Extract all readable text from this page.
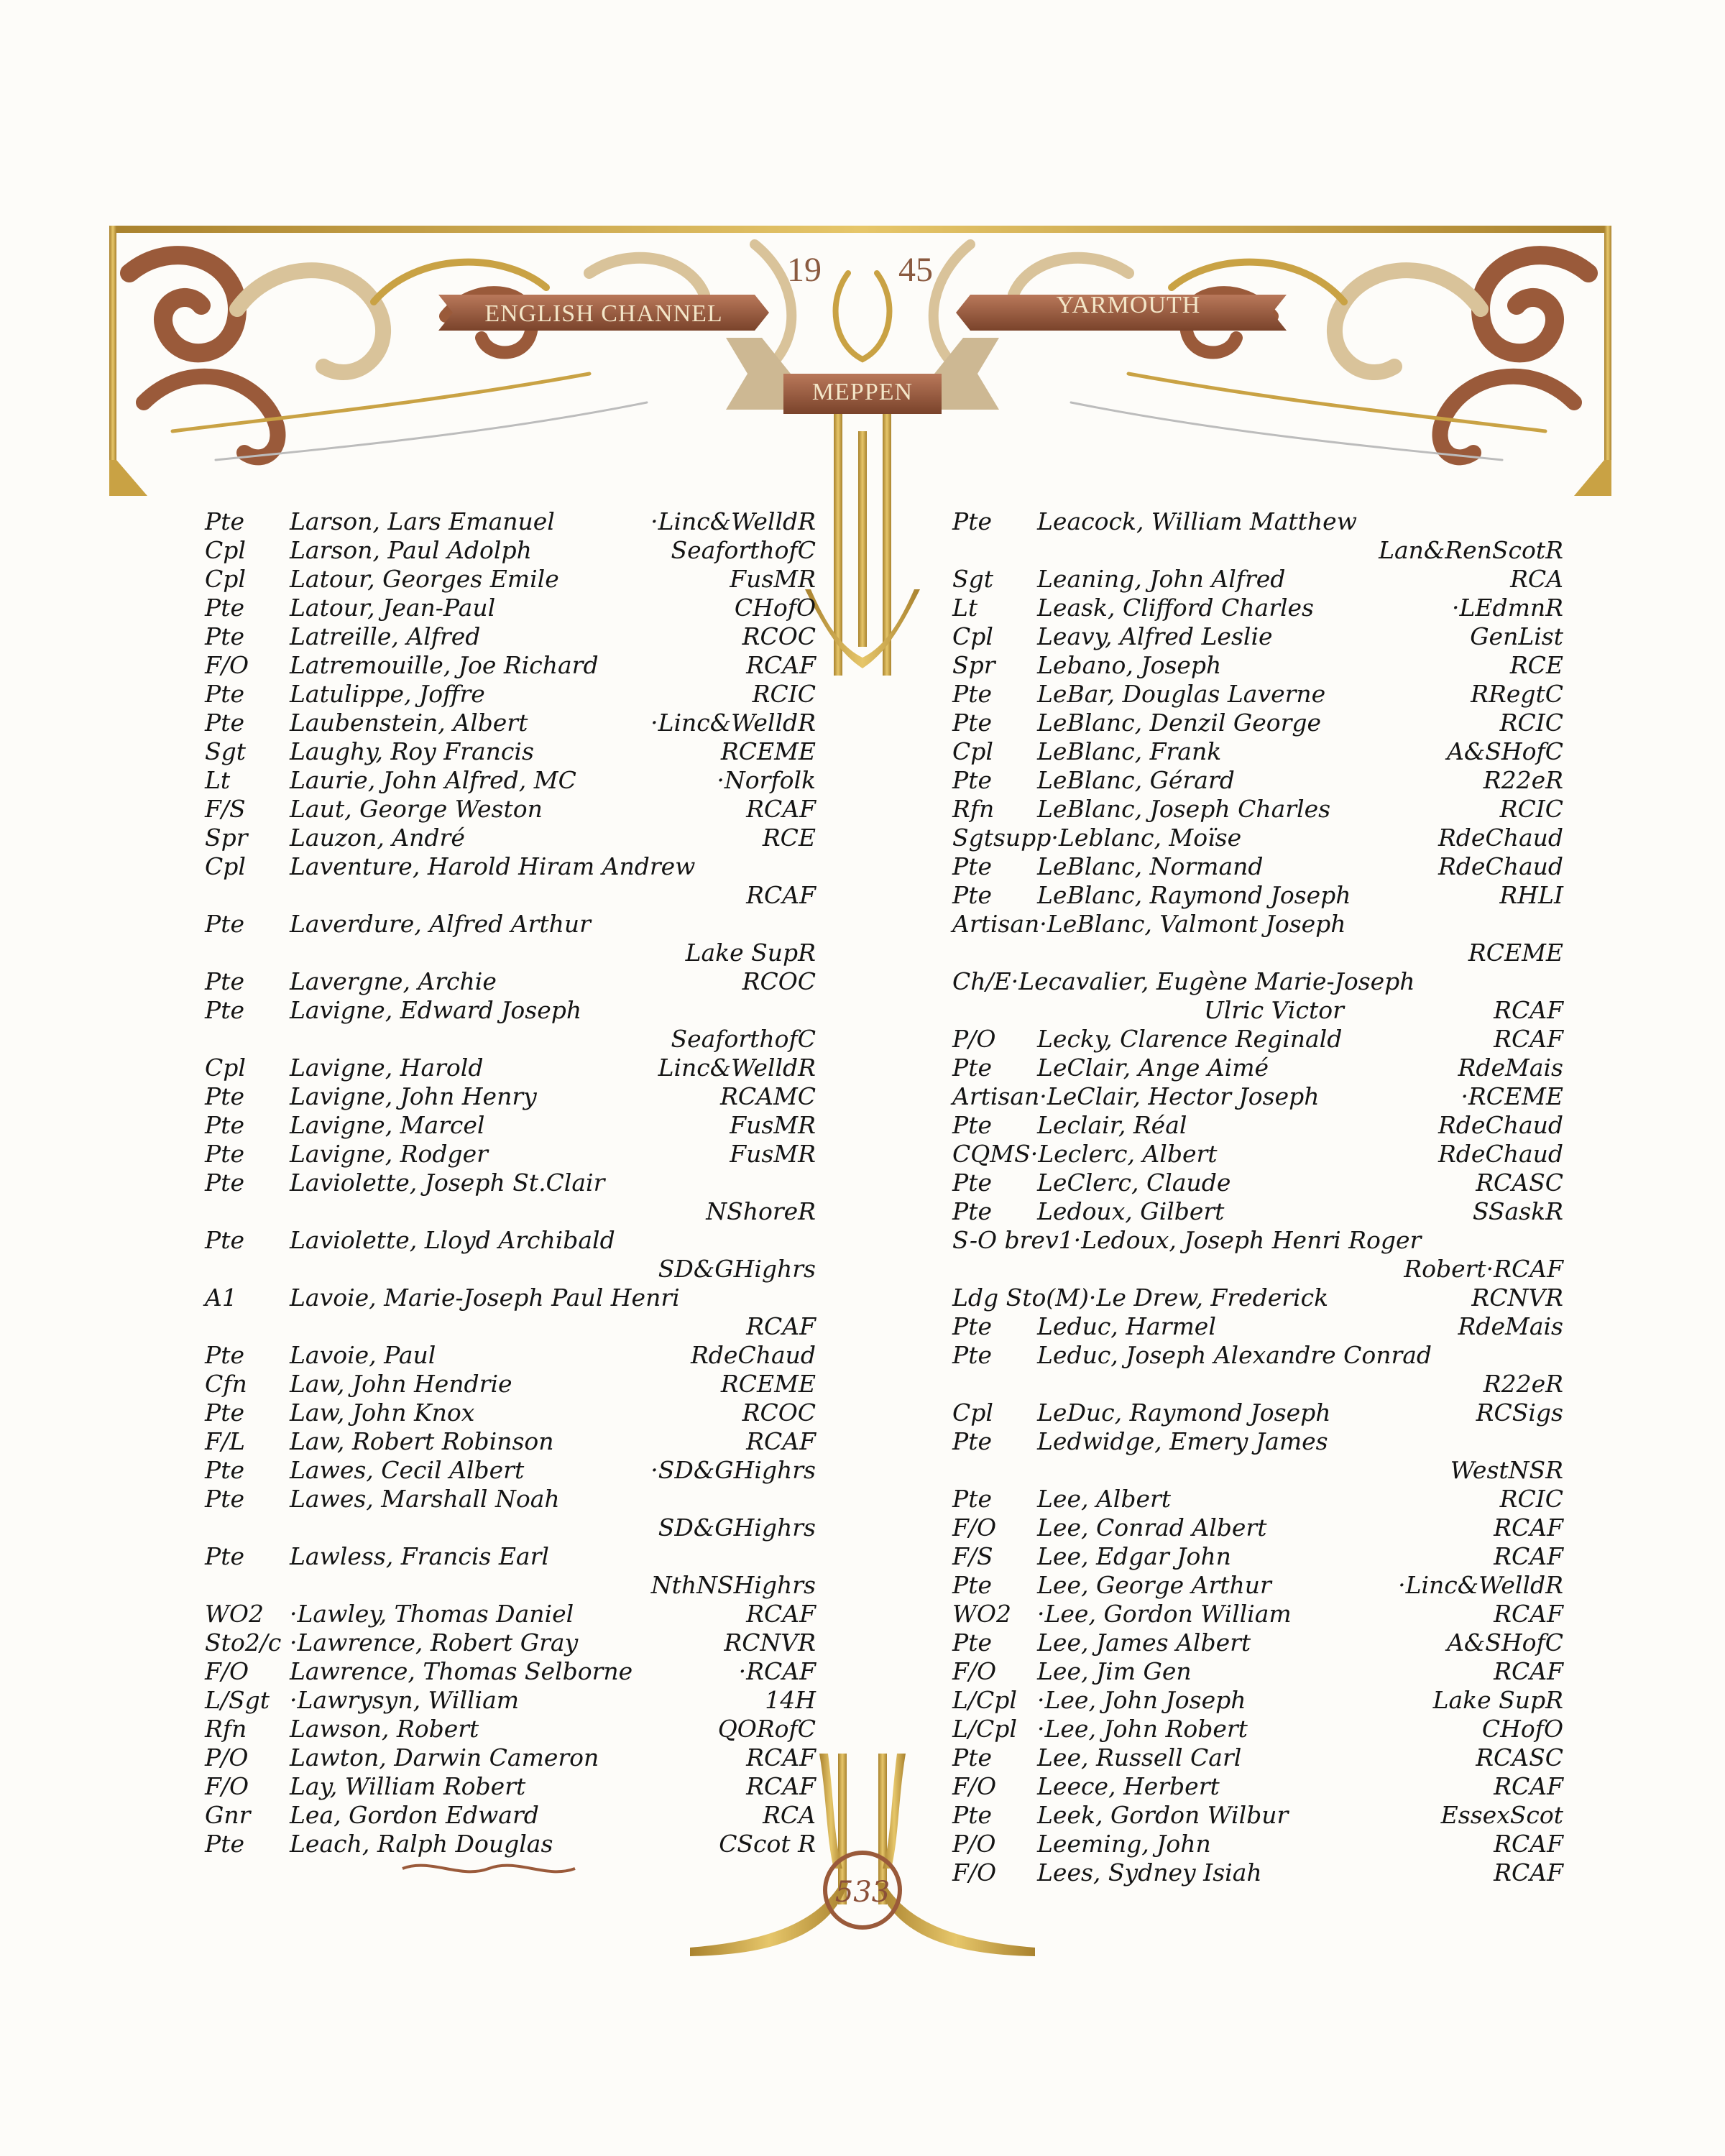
19 45
ENGLISH CHANNEL	YARMOUTH
MEPPEN
Pte Larson, Lars Emanuel	·Linc&WelldR
Cpl Larson, Paul Adolph	SeaforthofC
Cpl Latour, Georges Emile	FusMR
Pte Latour, Jean-Paul	CHofO
Pte Latreille, Alfred	RCOC
F/O Latremouille, Joe Richard	RCAF
Pte Latulippe, Joffre	RCIC
Pte Laubenstein, Albert	·Linc&WelldR
Sgt Laughy, Roy Francis	RCEME
Lt	Laurie, John Alfred, MC	·Norfolk
F/S Laut, George Weston	RCAF
Spr Lauzon, André	RCE
Cpl Laventure, Harold Hiram Andrew
RCAF
Pte Laverdure, Alfred Arthur
Lake SupR
Pte Lavergne, Archie	RCOC
Pte Lavigne, Edward Joseph
SeaforthofC
Cpl Lavigne, Harold	Linc&WelldR
Pte Lavigne, John Henry	RCAMC
Pte Lavigne, Marcel	FusMR
Pte Lavigne, Rodger	FusMR
Pte Laviolette, Joseph St.Clair
NShoreR
Pte Laviolette, Lloyd Archibald
SD&GHighrs
A1 Lavoie, Marie-Joseph Paul Henri
RCAF
Pte Lavoie, Paul	RdeChaud
Cfn Law, John Hendrie	RCEME
Pte Law, John Knox	RCOC
F/L Law, Robert Robinson	RCAF
Pte Lawes, Cecil Albert	·SD&GHighrs
Pte Lawes, Marshall Noah
SD&GHighrs
Pte Lawless, Francis Earl
NthNSHighrs
WO2 ·Lawley, Thomas Daniel	RCAF
Sto2/c ·Lawrence, Robert Gray	RCNVR
F/O Lawrence, Thomas Selborne	·RCAF
L/Sgt ·Lawrysyn, William	14H
Rfn Lawson, Robert	QORofC
P/O Lawton, Darwin Cameron	RCAF
F/O Lay, William Robert	RCAF
Gnr Lea, Gordon Edward	RCA
Pte Leach, Ralph Douglas	CScot R
Pte Leacock, William Matthew
Lan&RenScotR
Sgt Leaning, John Alfred	RCA
Lt	Leask, Clifford Charles	·LEdmnR
Cpl Leavy, Alfred Leslie	GenList
Spr Lebano, Joseph	RCE
Pte LeBar, Douglas Laverne	RRegtC
Pte LeBlanc, Denzil George	RCIC
Cpl LeBlanc, Frank	A&SHofC
Pte LeBlanc, Gérard	R22eR
Rfn LeBlanc, Joseph Charles	RCIC
Sgtsupp·Leblanc, Moïse	RdeChaud
Pte LeBlanc, Normand	RdeChaud
Pte LeBlanc, Raymond Joseph	RHLI
Artisan·LeBlanc, Valmont Joseph
RCEME
Ch/E·Lecavalier, Eugène Marie-Joseph
Ulric Victor	RCAF
P/O Lecky, Clarence Reginald	RCAF
Pte LeClair, Ange Aimé	RdeMais
Artisan·LeClair, Hector Joseph	·RCEME
Pte Leclair, Réal	RdeChaud
CQMS·Leclerc, Albert	RdeChaud
Pte LeClerc, Claude	RCASC
Pte Ledoux, Gilbert	SSaskR
S-O brev1·Ledoux, Joseph Henri Roger
Robert·RCAF
Ldg Sto(M)·Le Drew, Frederick	RCNVR
Pte Leduc, Harmel	RdeMais
Pte Leduc, Joseph Alexandre Conrad
R22eR
Cpl LeDuc, Raymond Joseph	RCSigs
Pte Ledwidge, Emery James
WestNSR
Pte Lee, Albert	RCIC
F/O Lee, Conrad Albert	RCAF
F/S Lee, Edgar John	RCAF
Pte Lee, George Arthur	·Linc&WelldR
WO2 ·Lee, Gordon William	RCAF
Pte Lee, James Albert	A&SHofC
F/O Lee, Jim Gen	RCAF
L/Cpl ·Lee, John Joseph	Lake SupR
L/Cpl ·Lee, John Robert	CHofO
Pte Lee, Russell Carl	RCASC
F/O Leece, Herbert	RCAF
Pte Leek, Gordon Wilbur	EssexScot
P/O Leeming, John	RCAF
F/O Lees, Sydney Isiah	RCAF
533
